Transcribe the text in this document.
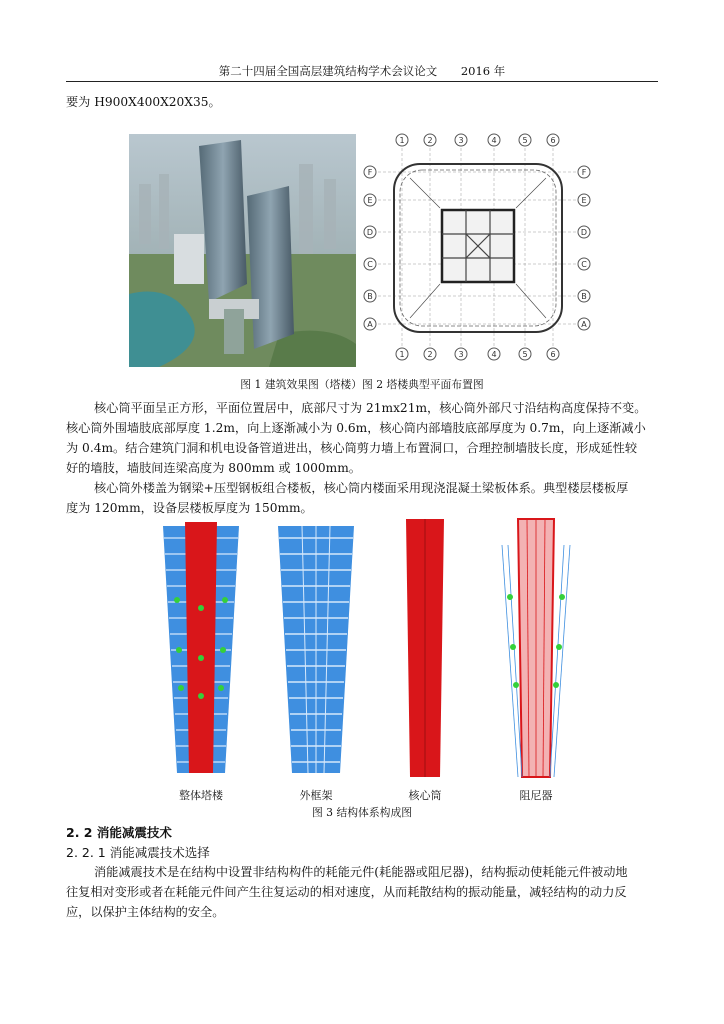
第二十四届全国高层建筑结构学术会议论文 2016 年
要为 H900X400X20X35。
1	2	3	4	5	6
1	2	3	4	5	6
F
E
D
C
B
A
F
E
D
C
B
A
图 1 建筑效果图（塔楼）图 2 塔楼典型平面布置图
核心筒平面呈正方形，平面位置居中，底部尺寸为 21mx21m，核心筒外部尺寸沿结构高度保持不变。
核心筒外围墙肢底部厚度 1.2m，向上逐渐减小为 0.6m，核心筒内部墙肢底部厚度为 0.7m，向上逐渐减小
为 0.4m。结合建筑门洞和机电设备管道进出，核心筒剪力墙上布置洞口，合理控制墙肢长度，形成延性较
好的墙肢，墙肢间连梁高度为 800mm 或 1000mm。
核心筒外楼盖为钢梁+压型钢板组合楼板，核心筒内楼面采用现浇混凝土梁板体系。典型楼层楼板厚
度为 120mm，设备层楼板厚度为 150mm。
整体塔楼	外框架	核心筒	阻尼器
图 3 结构体系构成图
2. 2 消能减震技术
2. 2. 1 消能减震技术选择
消能减震技术是在结构中设置非结构构件的耗能元件(耗能器或阻尼器)，结构振动使耗能元件被动地
往复相对变形或者在耗能元件间产生往复运动的相对速度，从而耗散结构的振动能量，减轻结构的动力反
应，以保护主体结构的安全。
